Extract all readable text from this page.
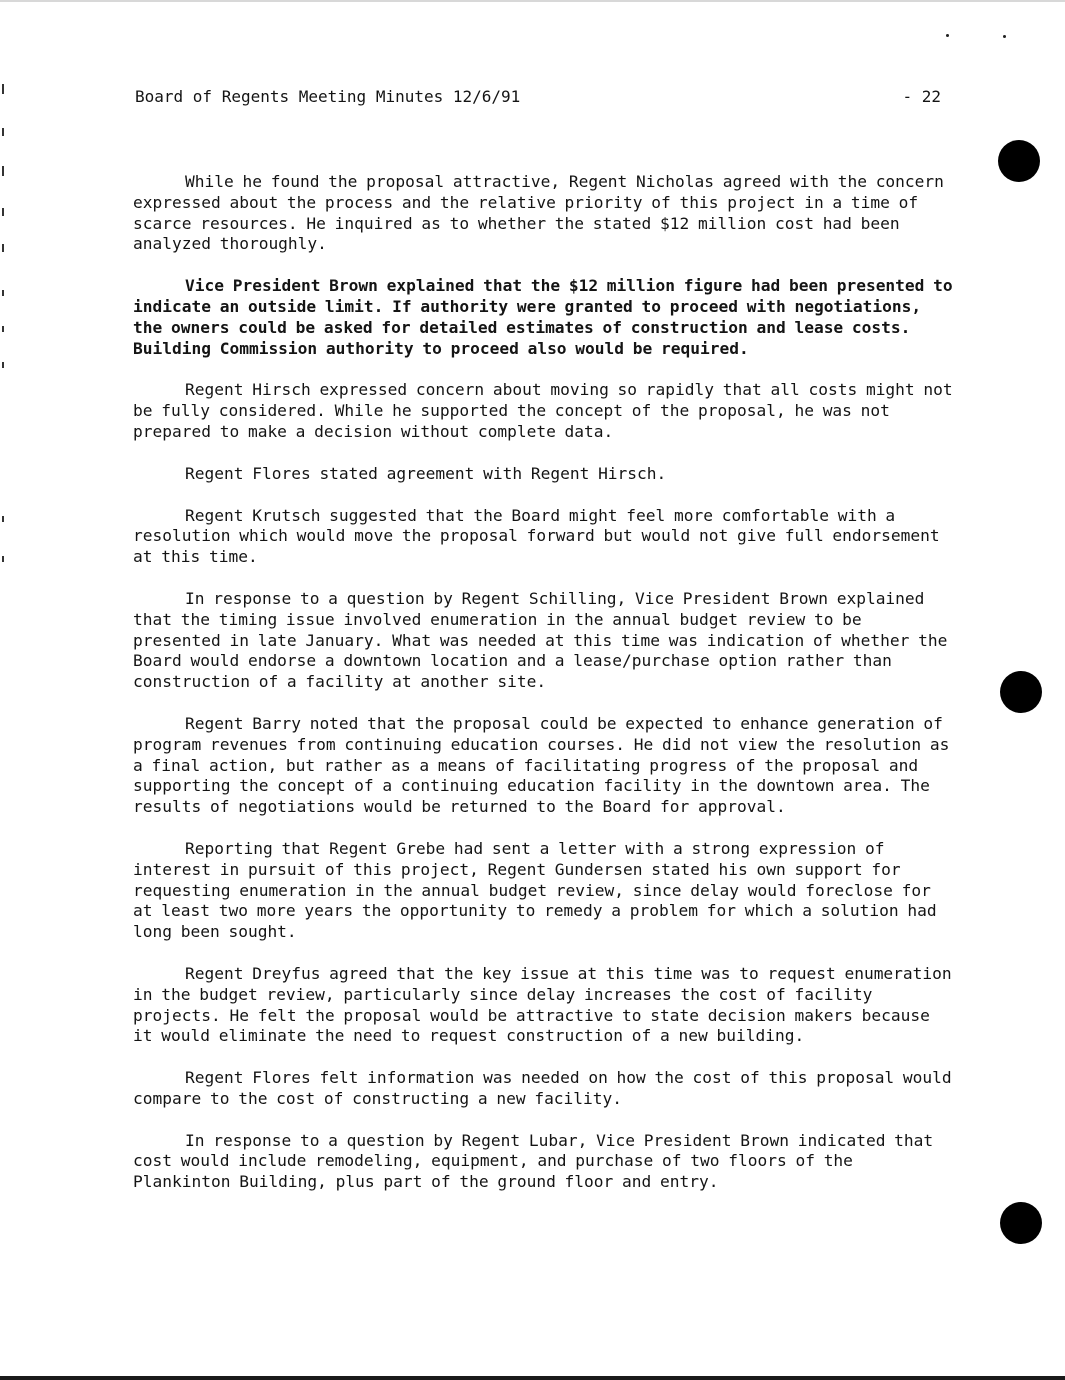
Board of Regents Meeting Minutes 12/6/91	- 22

While he found the proposal attractive, Regent Nicholas agreed with the concern expressed about the process and the relative priority of this project in a time of scarce resources. He inquired as to whether the stated $12 million cost had been analyzed thoroughly.

Vice President Brown explained that the $12 million figure had been presented to indicate an outside limit. If authority were granted to proceed with negotiations, the owners could be asked for detailed estimates of construction and lease costs. Building Commission authority to proceed also would be required.

Regent Hirsch expressed concern about moving so rapidly that all costs might not be fully considered. While he supported the concept of the proposal, he was not prepared to make a decision without complete data.

Regent Flores stated agreement with Regent Hirsch.

Regent Krutsch suggested that the Board might feel more comfortable with a resolution which would move the proposal forward but would not give full endorsement at this time.

In response to a question by Regent Schilling, Vice President Brown explained that the timing issue involved enumeration in the annual budget review to be presented in late January. What was needed at this time was indication of whether the Board would endorse a downtown location and a lease/purchase option rather than construction of a facility at another site.

Regent Barry noted that the proposal could be expected to enhance generation of program revenues from continuing education courses. He did not view the resolution as a final action, but rather as a means of facilitating progress of the proposal and supporting the concept of a continuing education facility in the downtown area. The results of negotiations would be returned to the Board for approval.

Reporting that Regent Grebe had sent a letter with a strong expression of interest in pursuit of this project, Regent Gundersen stated his own support for requesting enumeration in the annual budget review, since delay would foreclose for at least two more years the opportunity to remedy a problem for which a solution had long been sought.

Regent Dreyfus agreed that the key issue at this time was to request enumeration in the budget review, particularly since delay increases the cost of facility projects. He felt the proposal would be attractive to state decision makers because it would eliminate the need to request construction of a new building.

Regent Flores felt information was needed on how the cost of this proposal would compare to the cost of constructing a new facility.

In response to a question by Regent Lubar, Vice President Brown indicated that cost would include remodeling, equipment, and purchase of two floors of the Plankinton Building, plus part of the ground floor and entry.
